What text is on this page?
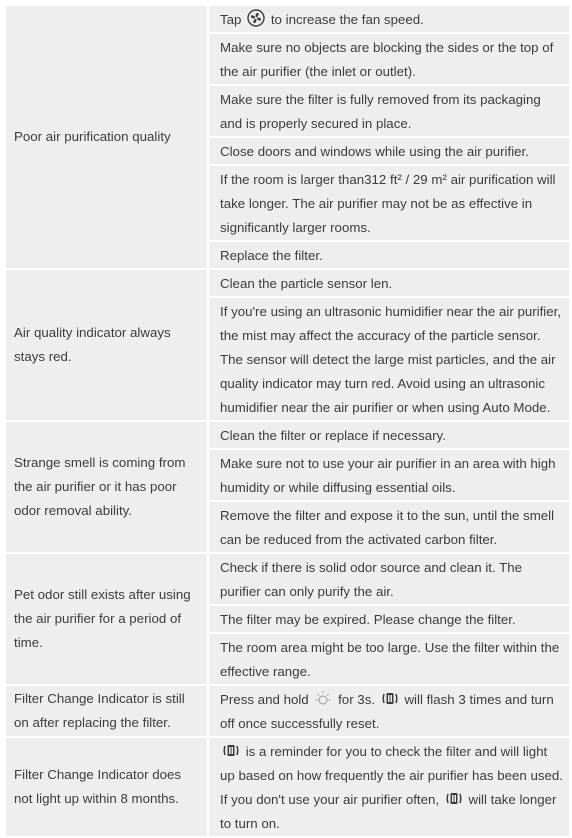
Poor air purification quality
Tap
to increase the fan speed.
Make sure no objects are blocking the sides or the top of the air purifier (the inlet or outlet).
Make sure the filter is fully removed from its packaging and is properly secured in place.
Close doors and windows while using the air purifier.
If the room is larger than312 ft² / 29 m² air purification will take longer. The air purifier may not be as effective in significantly larger rooms.
Replace the filter.
Air quality indicator always stays red.
Clean the particle sensor len.
If you're using an ultrasonic humidifier near the air purifier, the mist may affect the accuracy of the particle sensor. The sensor will detect the large mist particles, and the air quality indicator may turn red. Avoid using an ultrasonic humidifier near the air purifier or when using Auto Mode.
Strange smell is coming from the air purifier or it has poor odor removal ability.
Clean the filter or replace if necessary.
Make sure not to use your air purifier in an area with high humidity or while diffusing essential oils.
Remove the filter and expose it to the sun, until the smell can be reduced from the activated carbon filter.
Pet odor still exists after using the air purifier for a period of time.
Check if there is solid odor source and clean it. The purifier can only purify the air.
The filter may be expired. Please change the filter.
The room area might be too large. Use the filter within the effective range.
Filter Change Indicator is still on after replacing the filter.
Press and hold
for 3s.
will flash 3 times and turn off once successfully reset.
Filter Change Indicator does not light up within 8 months.
is a reminder for you to check the filter and will light up based on how frequently the air purifier has been used. If you don't use your air purifier often,
will take longer to turn on.
